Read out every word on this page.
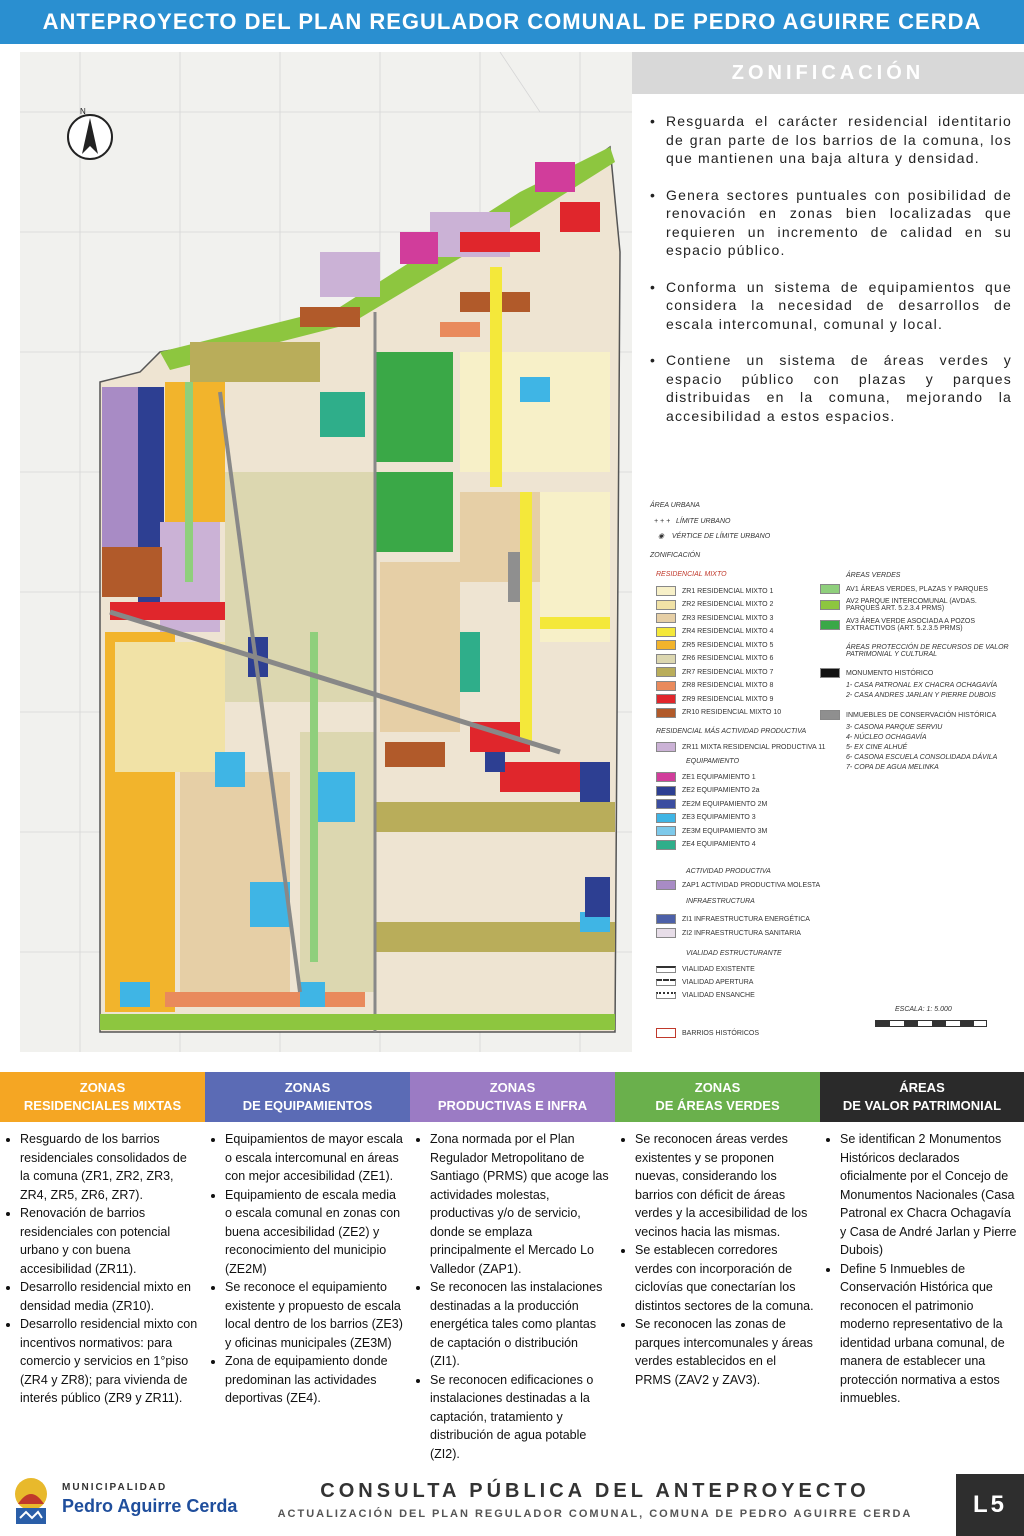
ANTEPROYECTO DEL PLAN REGULADOR COMUNAL DE PEDRO AGUIRRE CERDA
N
ZONIFICACIÓN
• Resguarda el carácter residencial identitario de gran parte de los barrios de la comuna, los que mantienen una baja altura y densidad.
• Genera sectores puntuales con posibilidad de renovación en zonas bien localizadas que requieren un incremento de calidad en su espacio público.
• Conforma un sistema de equipamientos que considera la necesidad de desarrollos de escala intercomunal, comunal y local.
• Contiene un sistema de áreas verdes y espacio público con plazas y parques distribuidas en la comuna, mejorando la accesibilidad a estos espacios.
ÁREA URBANA
+ + +   LÍMITE URBANO
◉    VÉRTICE DE LÍMITE URBANO
ZONIFICACIÓN
RESIDENCIAL MIXTO
ZR1 RESIDENCIAL MIXTO 1
ZR2 RESIDENCIAL MIXTO 2
ZR3 RESIDENCIAL MIXTO 3
ZR4 RESIDENCIAL MIXTO 4
ZR5 RESIDENCIAL MIXTO 5
ZR6 RESIDENCIAL MIXTO 6
ZR7 RESIDENCIAL MIXTO 7
ZR8 RESIDENCIAL MIXTO 8
ZR9 RESIDENCIAL MIXTO 9
ZR10 RESIDENCIAL MIXTO 10
RESIDENCIAL MÁS ACTIVIDAD PRODUCTIVA
ZR11 MIXTA RESIDENCIAL PRODUCTIVA 11
EQUIPAMIENTO
ZE1 EQUIPAMIENTO 1
ZE2 EQUIPAMIENTO 2a
ZE2M EQUIPAMIENTO 2M
ZE3 EQUIPAMIENTO 3
ZE3M EQUIPAMIENTO 3M
ZE4 EQUIPAMIENTO 4
ACTIVIDAD PRODUCTIVA
ZAP1 ACTIVIDAD PRODUCTIVA MOLESTA
INFRAESTRUCTURA
ZI1 INFRAESTRUCTURA ENERGÉTICA
ZI2 INFRAESTRUCTURA SANITARIA
VIALIDAD ESTRUCTURANTE
VIALIDAD EXISTENTE
VIALIDAD APERTURA
VIALIDAD ENSANCHE
BARRIOS HISTÓRICOS
ÁREAS VERDES
AV1 ÁREAS VERDES, PLAZAS Y PARQUES
AV2 PARQUE INTERCOMUNAL (AVDAS. PARQUES ART. 5.2.3.4 PRMS)
AV3 ÁREA VERDE ASOCIADA A POZOS EXTRACTIVOS (ART. 5.2.3.5 PRMS)
ÁREAS PROTECCIÓN DE RECURSOS DE VALOR PATRIMONIAL Y CULTURAL
MONUMENTO HISTÓRICO
1- CASA PATRONAL EX CHACRA OCHAGAVÍA
2- CASA ANDRES JARLAN Y PIERRE DUBOIS
INMUEBLES DE CONSERVACIÓN HISTÓRICA
3- CASONA PARQUE SERVIU
4- NÚCLEO OCHAGAVÍA
5- EX CINE ALHUÉ
6- CASONA ESCUELA CONSOLIDADA DÁVILA
7- COPA DE AGUA MELINKA
ESCALA: 1: 5.000
ZONAS
RESIDENCIALES MIXTAS
• Resguardo de los barrios residenciales consolidados de la comuna (ZR1, ZR2, ZR3, ZR4, ZR5, ZR6, ZR7).
• Renovación de barrios residenciales con potencial urbano y con buena accesibilidad (ZR11).
• Desarrollo residencial mixto en densidad media (ZR10).
• Desarrollo residencial mixto con incentivos normativos: para comercio y servicios en 1°piso (ZR4 y ZR8); para vivienda de interés público (ZR9 y ZR11).
ZONAS
DE EQUIPAMIENTOS
• Equipamientos de mayor escala o escala intercomunal en áreas con mejor accesibilidad (ZE1).
• Equipamiento de escala media o escala comunal en zonas con buena accesibilidad (ZE2) y reconocimiento del municipio (ZE2M)
• Se reconoce el equipamiento existente y propuesto de escala local dentro de los barrios (ZE3) y oficinas municipales (ZE3M)
• Zona de equipamiento donde predominan las actividades deportivas (ZE4).
ZONAS
PRODUCTIVAS E INFRA
• Zona normada por el Plan Regulador Metropolitano de Santiago (PRMS) que acoge las actividades molestas, productivas y/o de servicio, donde se emplaza principalmente el Mercado Lo Valledor (ZAP1).
• Se reconocen las instalaciones destinadas a la producción energética tales como plantas de captación o distribución (ZI1).
• Se reconocen edificaciones o instalaciones destinadas a la captación, tratamiento y distribución de agua potable (ZI2).
ZONAS
DE ÁREAS VERDES
• Se reconocen áreas verdes existentes y se proponen nuevas, considerando los barrios con déficit de áreas verdes y la accesibilidad de los vecinos hacia las mismas.
• Se establecen corredores verdes con incorporación de ciclovías que conectarían los distintos sectores de la comuna.
• Se reconocen las zonas de parques intercomunales y áreas verdes establecidos en el PRMS (ZAV2 y ZAV3).
ÁREAS
DE VALOR PATRIMONIAL
• Se identifican 2 Monumentos Históricos declarados oficialmente por el Concejo de Monumentos Nacionales (Casa Patronal ex Chacra Ochagavía y Casa de André Jarlan y Pierre Dubois)
• Define 5 Inmuebles de Conservación Histórica que reconocen el patrimonio moderno representativo de la identidad urbana comunal, de manera de establecer una protección normativa a estos inmuebles.
MUNICIPALIDAD
Pedro Aguirre Cerda
CONSULTA PÚBLICA DEL ANTEPROYECTO
ACTUALIZACIÓN DEL PLAN REGULADOR COMUNAL, COMUNA DE PEDRO AGUIRRE CERDA	L5
